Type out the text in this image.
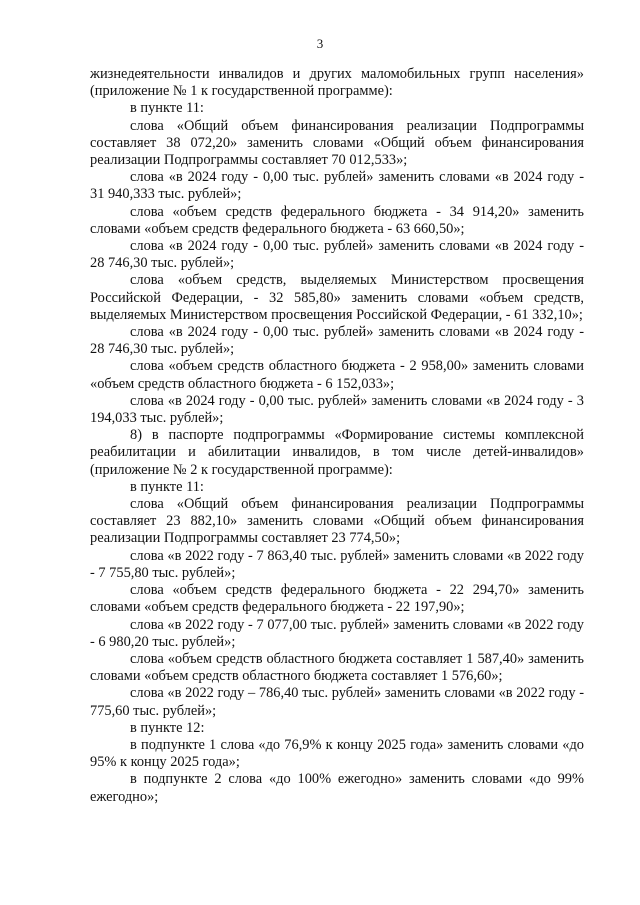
3

жизнедеятельности инвалидов и других маломобильных групп населения» (приложение № 1 к государственной программе):

в пункте 11:

слова «Общий объем финансирования реализации Подпрограммы составляет 38 072,20» заменить словами «Общий объем финансирования реализации Подпрограммы составляет 70 012,533»;

слова «в 2024 году - 0,00 тыс. рублей» заменить словами «в 2024 году - 31 940,333 тыс. рублей»;

слова «объем средств федерального бюджета - 34 914,20» заменить словами «объем средств федерального бюджета - 63 660,50»;

слова «в 2024 году - 0,00 тыс. рублей» заменить словами «в 2024 году - 28 746,30 тыс. рублей»;

слова «объем средств, выделяемых Министерством просвещения Российской Федерации, - 32 585,80» заменить словами «объем средств, выделяемых Министерством просвещения Российской Федерации, - 61 332,10»;

слова «в 2024 году - 0,00 тыс. рублей» заменить словами «в 2024 году - 28 746,30 тыс. рублей»;

слова «объем средств областного бюджета - 2 958,00» заменить словами «объем средств областного бюджета - 6 152,033»;

слова «в 2024 году - 0,00 тыс. рублей» заменить словами «в 2024 году - 3 194,033 тыс. рублей»;

8) в паспорте подпрограммы «Формирование системы комплексной реабилитации и абилитации инвалидов, в том числе детей-инвалидов» (приложение № 2 к государственной программе):

в пункте 11:

слова «Общий объем финансирования реализации Подпрограммы составляет 23 882,10» заменить словами «Общий объем финансирования реализации Подпрограммы составляет 23 774,50»;

слова «в 2022 году - 7 863,40 тыс. рублей» заменить словами «в 2022 году - 7 755,80 тыс. рублей»;

слова «объем средств федерального бюджета - 22 294,70» заменить словами «объем средств федерального бюджета - 22 197,90»;

слова «в 2022 году - 7 077,00 тыс. рублей» заменить словами «в 2022 году - 6 980,20 тыс. рублей»;

слова «объем средств областного бюджета составляет 1 587,40» заменить словами «объем средств областного бюджета составляет 1 576,60»;

слова «в 2022 году – 786,40 тыс. рублей» заменить словами «в 2022 году - 775,60 тыс. рублей»;

в пункте 12:

в подпункте 1 слова «до 76,9% к концу 2025 года» заменить словами «до 95% к концу 2025 года»;

в подпункте 2 слова «до 100% ежегодно» заменить словами «до 99% ежегодно»;
